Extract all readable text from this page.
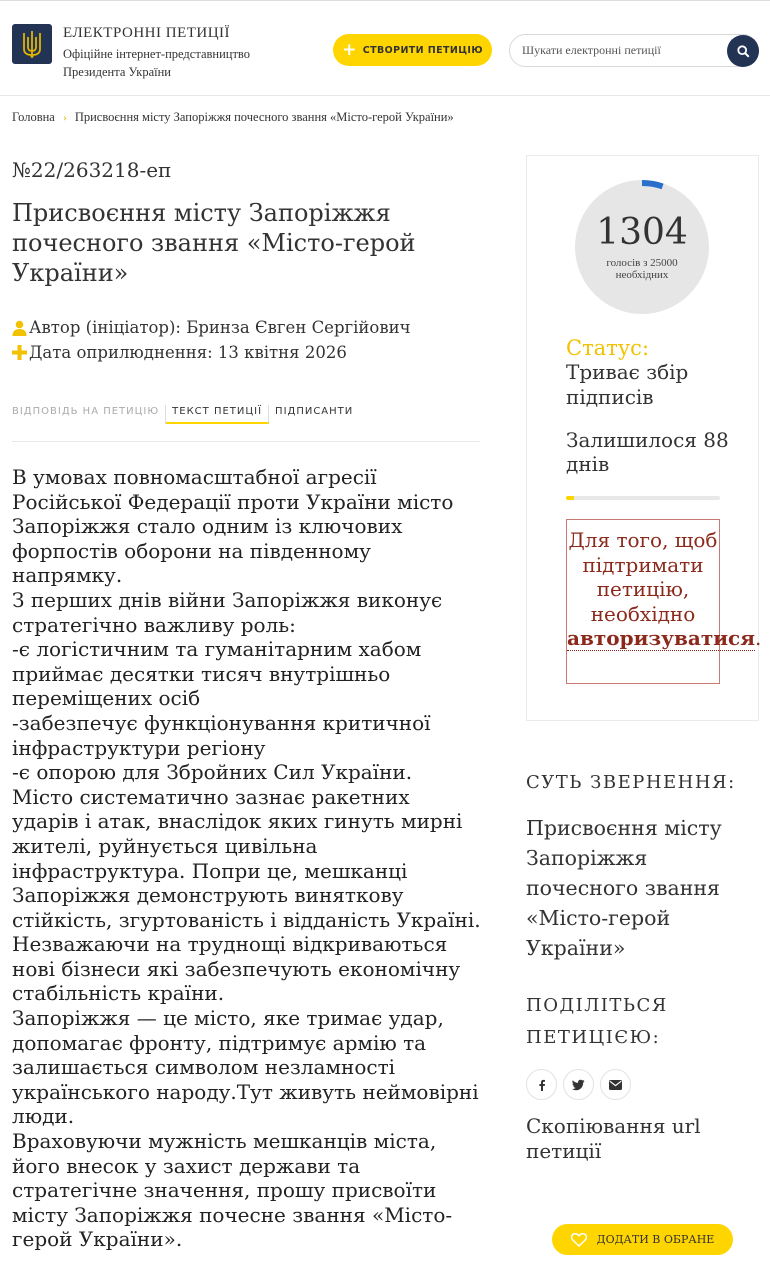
ЕЛЕКТРОННІ ПЕТИЦІЇ
Офіційне інтернет-представництво
Президента України
+ СТВОРИТИ ПЕТИЦІЮ
Шукати електронні петиції
Головна › Присвоєння місту Запоріжжя почесного звання «Місто-герой України»
№22/263218-еп
Присвоєння місту Запоріжжя почесного звання «Місто-герой України»
Автор (ініціатор): Бринза Євген Сергійович
Дата оприлюднення: 13 квітня 2026
ВІДПОВІДЬ НА ПЕТИЦІЮ	ТЕКСТ ПЕТИЦІЇ	ПІДПИСАНТИ

В умовах повномасштабної агресії Російської Федерації проти України місто Запоріжжя стало одним із ключових форпостів оборони на південному напрямку.

З перших днів війни Запоріжжя виконує стратегічно важливу роль:

-є логістичним та гуманітарним хабом приймає десятки тисяч внутрішньо переміщених осіб

-забезпечує функціонування критичної інфраструктури регіону

-є опорою для Збройних Сил України.

Місто систематично зазнає ракетних ударів і атак, внаслідок яких гинуть мирні жителі, руйнується цивільна інфраструктура. Попри це, мешканці Запоріжжя демонструють виняткову стійкість, згуртованість і відданість Україні.

Незважаючи на труднощі відкриваються нові бізнеси які забезпечують економічну стабільність країни.

Запоріжжя — це місто, яке тримає удар, допомагає фронту, підтримує армію та залишається символом незламності українського народу.Тут живуть неймовірні люди.

Враховуючи мужність мешканців міста, його внесок у захист держави та стратегічне значення, прошу присвоїти місту Запоріжжя почесне звання «Місто-герой України».

1304
голосів з 25000
необхідних
Статус:
Триває збір підписів
Залишилося 88 днів
Для того, щоб підтримати петицію, необхідно
авторизуватися.
СУТЬ ЗВЕРНЕННЯ:
Присвоєння місту Запоріжжя почесного звання «Місто-герой України»
ПОДІЛІТЬСЯ ПЕТИЦІЄЮ:
Скопіювання url петиції
ДОДАТИ В ОБРАНЕ
